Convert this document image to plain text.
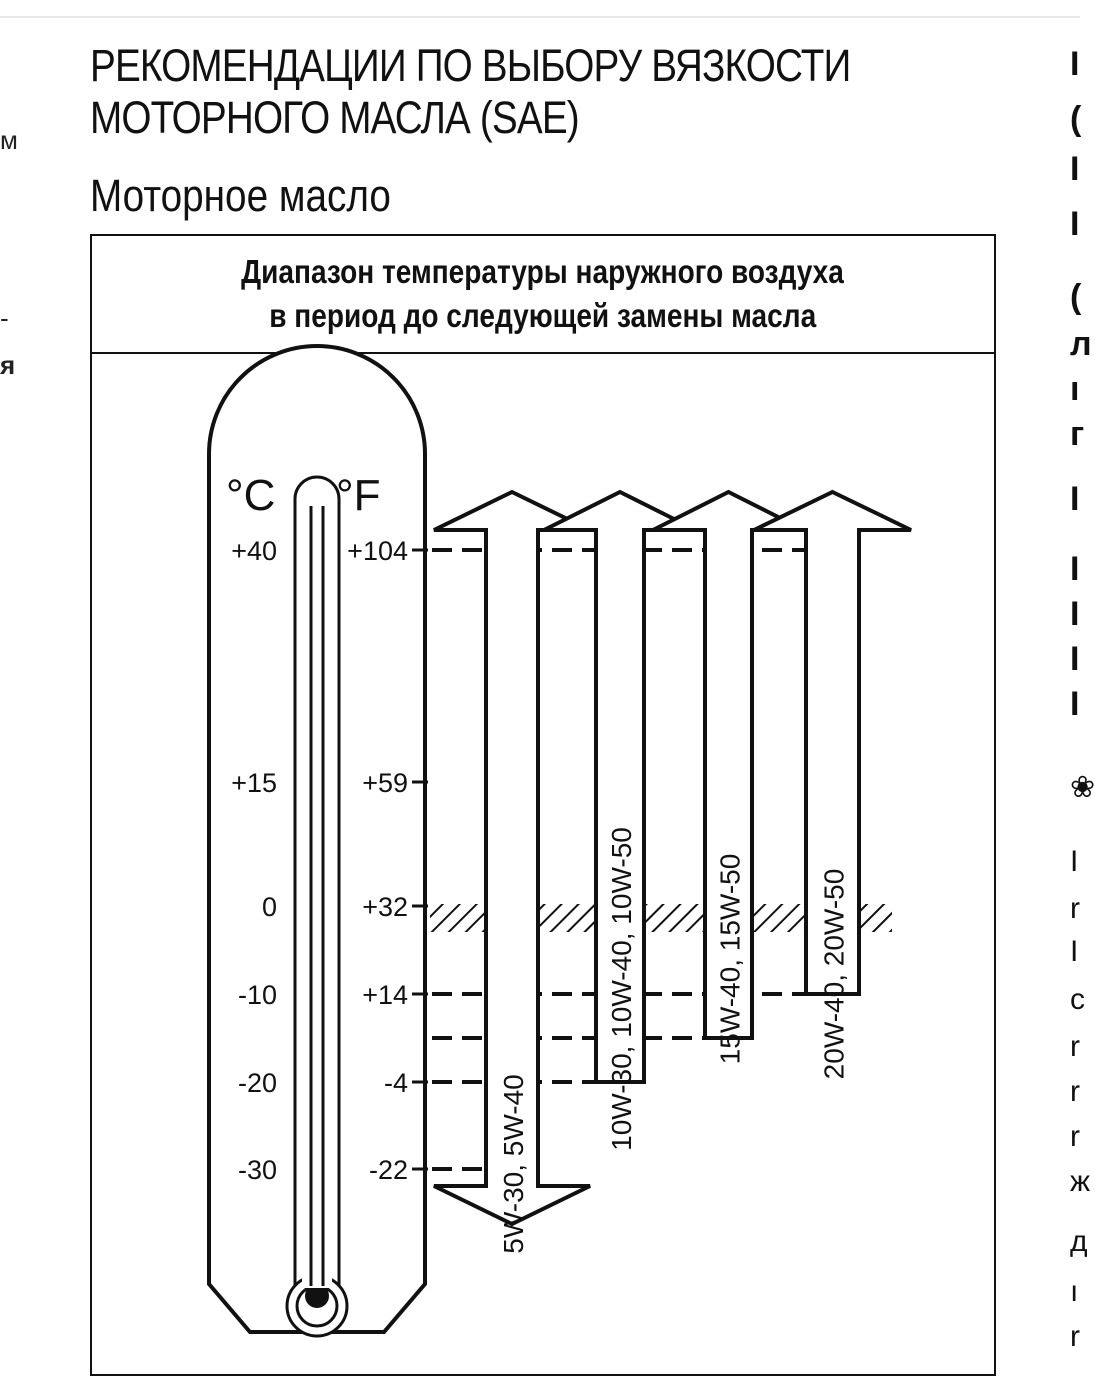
м
-
я
I
(
I
I
(
л
ı
г
I
I
I
I
I
❀
I
r
I
c
r
r
r
ж
д
ı
r
РЕКОМЕНДАЦИИ ПО ВЫБОРУ ВЯЗКОСТИ
МОТОРНОГО МАСЛА (SAE)
Моторное масло
Диапазон температуры наружного воздуха
в период до следующей замены масла
5W-30, 5W-40
10W-30, 10W-40, 10W-50	15W-40, 15W-50	20W-40, 20W-50
°C °F
+40	+104
+15	+59
0	+32
-10	+14
-20	-4
-30	-22
